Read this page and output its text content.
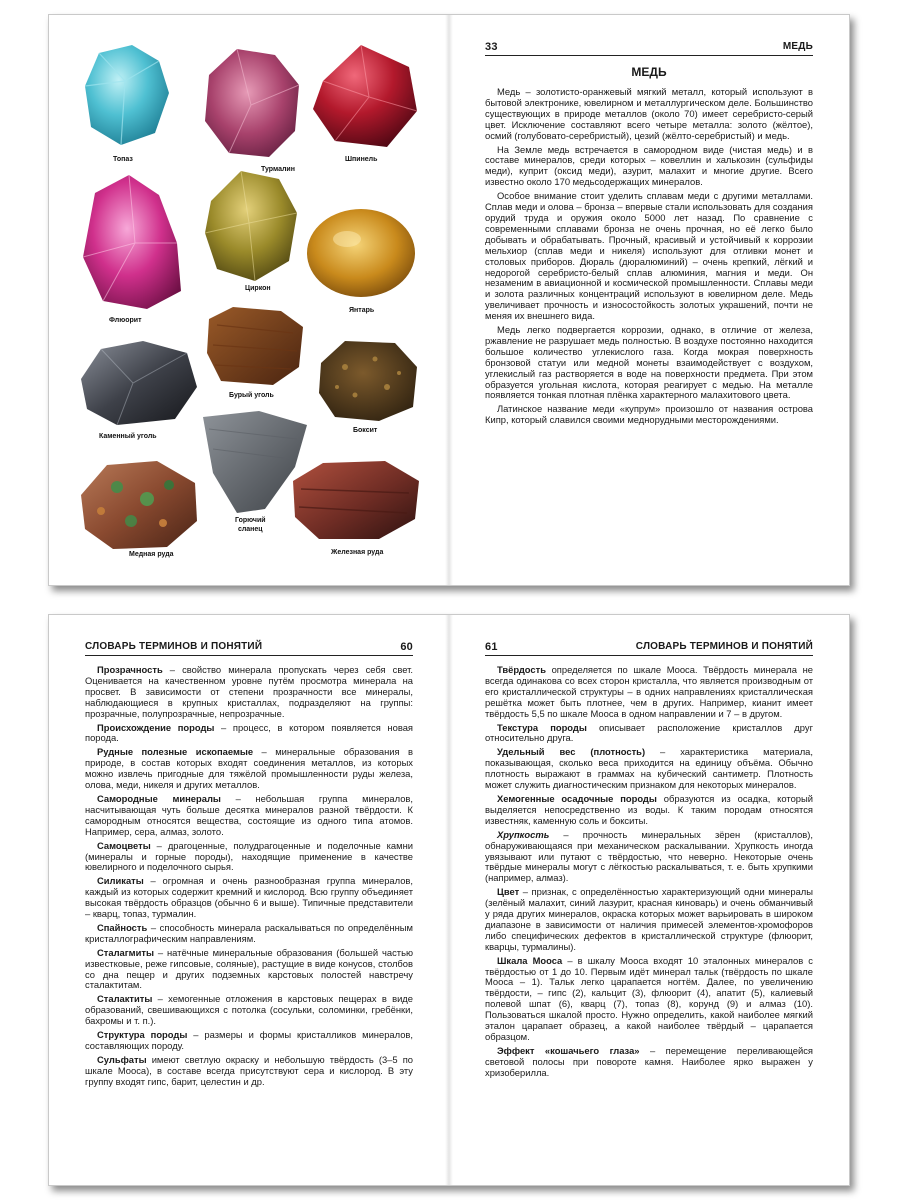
Топаз
Турмалин
Шпинель
Флюорит
Циркон
Янтарь
Бурый уголь
Каменный уголь
Боксит
Горючий
сланец
Медная руда	Железная руда
33	МЕДЬ
МЕДЬ

Медь – золотисто-оранжевый мягкий металл, который используют в бытовой электронике, ювелирном и металлургическом деле. Большинство существующих в природе металлов (около 70) имеет серебристо-серый цвет. Исключение составляют всего четыре металла: золото (жёлтое), осмий (голубовато-серебристый), цезий (жёлто-серебристый) и медь.

На Земле медь встречается в самородном виде (чистая медь) и в составе минералов, среди которых – ковеллин и халькозин (сульфиды меди), куприт (оксид меди), азурит, малахит и многие другие. Всего известно около 170 медьсодержащих минералов.

Особое внимание стоит уделить сплавам меди с другими металлами. Сплав меди и олова – бронза – впервые стали использовать для создания орудий труда и оружия около 5000 лет назад. По сравнение с современными сплавами бронза не очень прочная, но её легко было добывать и обрабатывать. Прочный, красивый и устойчивый к коррозии мельхиор (сплав меди и никеля) используют для отливки монет и столовых приборов. Дюраль (дюралюминий) – очень крепкий, лёгкий и недорогой серебристо-белый сплав алюминия, магния и меди. Он незаменим в авиационной и космической промышленности. Сплавы меди и золота различных концентраций используют в ювелирном деле. Медь увеличивает прочность и износостойкость золотых украшений, почти не меняя их внешнего вида.

Медь легко подвергается коррозии, однако, в отличие от железа, ржавление не разрушает медь полностью. В воздухе постоянно находится большое количество углекислого газа. Когда мокрая поверхность бронзовой статуи или медной монеты взаимодействует с воздухом, углекислый газ растворяется в воде на поверхности предмета. При этом образуется угольная кислота, которая реагирует с медью. На металле появляется тонкая плотная плёнка характерного малахитового цвета.

Латинское название меди «купрум» произошло от названия острова Кипр, который славился своими меднорудными месторождениями.

СЛОВАРЬ ТЕРМИНОВ И ПОНЯТИЙ	60

Прозрачность – свойство минерала пропускать через себя свет. Оценивается на качественном уровне путём просмотра минерала на просвет. В зависимости от степени прозрачности все минералы, наблюдающиеся в крупных кристаллах, подразделяют на группы: прозрачные, полупрозрачные, непрозрачные.

Происхождение породы – процесс, в котором появляется новая порода.

Рудные полезные ископаемые – минеральные образования в природе, в состав которых входят соединения металлов, из которых можно извлечь пригодные для тяжёлой промышленности руды железа, олова, меди, никеля и других металлов.

Самородные минералы – небольшая группа минералов, насчитывающая чуть больше десятка минералов разной твёрдости. К самородным относятся вещества, состоящие из одного типа атомов. Например, сера, алмаз, золото.

Самоцветы – драгоценные, полудрагоценные и поделочные камни (минералы и горные породы), находящие применение в качестве ювелирного и поделочного сырья.

Силикаты – огромная и очень разнообразная группа минералов, каждый из которых содержит кремний и кислород. Всю группу объединяет высокая твёрдость образцов (обычно 6 и выше). Типичные представители – кварц, топаз, турмалин.

Спайность – способность минерала раскалываться по определённым кристаллографическим направлениям.

Сталагмиты – натёчные минеральные образования (большей частью известковые, реже гипсовые, соляные), растущие в виде конусов, столбов со дна пещер и других подземных карстовых полостей навстречу сталактитам.

Сталактиты – хемогенные отложения в карстовых пещерах в виде образований, свешивающихся с потолка (сосульки, соломинки, гребёнки, бахромы и т. п.).

Структура породы – размеры и формы кристалликов минералов, составляющих породу.

Сульфаты имеют светлую окраску и небольшую твёрдость (3–5 по шкале Мооса), в составе всегда присутствуют сера и кислород. В эту группу входят гипс, барит, целестин и др.

61	СЛОВАРЬ ТЕРМИНОВ И ПОНЯТИЙ

Твёрдость определяется по шкале Мооса. Твёрдость минерала не всегда одинакова со всех сторон кристалла, что является производным от его кристаллической структуры – в одних направлениях кристаллическая решётка может быть плотнее, чем в других. Например, кианит имеет твёрдость 5,5 по шкале Мооса в одном направлении и 7 – в другом.

Текстура породы описывает расположение кристаллов друг относительно друга.

Удельный вес (плотность) – характеристика материала, показывающая, сколько веса приходится на единицу объёма. Обычно плотность выражают в граммах на кубический сантиметр. Плотность может служить диагностическим признаком для некоторых минералов.

Хемогенные осадочные породы образуются из осадка, который выделяется непосредственно из воды. К таким породам относятся известняк, каменную соль и бокситы.

Хрупкость – прочность минеральных зёрен (кристаллов), обнаруживающаяся при механическом раскалывании. Хрупкость иногда увязывают или путают с твёрдостью, что неверно. Некоторые очень твёрдые минералы могут с лёгкостью раскалываться, т. е. быть хрупкими (например, алмаз).

Цвет – признак, с определённостью характеризующий одни минералы (зелёный малахит, синий лазурит, красная киноварь) и очень обманчивый у ряда других минералов, окраска которых может варьировать в широком диапазоне в зависимости от наличия примесей элементов-хромофоров либо специфических дефектов в кристаллической структуре (флюорит, кварцы, турмалины).

Шкала Мооса – в шкалу Мооса входят 10 эталонных минералов с твёрдостью от 1 до 10. Первым идёт минерал тальк (твёрдость по шкале Мооса – 1). Тальк легко царапается ногтём. Далее, по увеличению твёрдости, – гипс (2), кальцит (3), флюорит (4), апатит (5), калиевый полевой шпат (6), кварц (7), топаз (8), корунд (9) и алмаз (10). Пользоваться шкалой просто. Нужно определить, какой наиболее мягкий эталон царапает образец, а какой наиболее твёрдый – царапается образцом.

Эффект «кошачьего глаза» – перемещение переливающейся световой полосы при повороте камня. Наиболее ярко выражен у хризоберилла.
